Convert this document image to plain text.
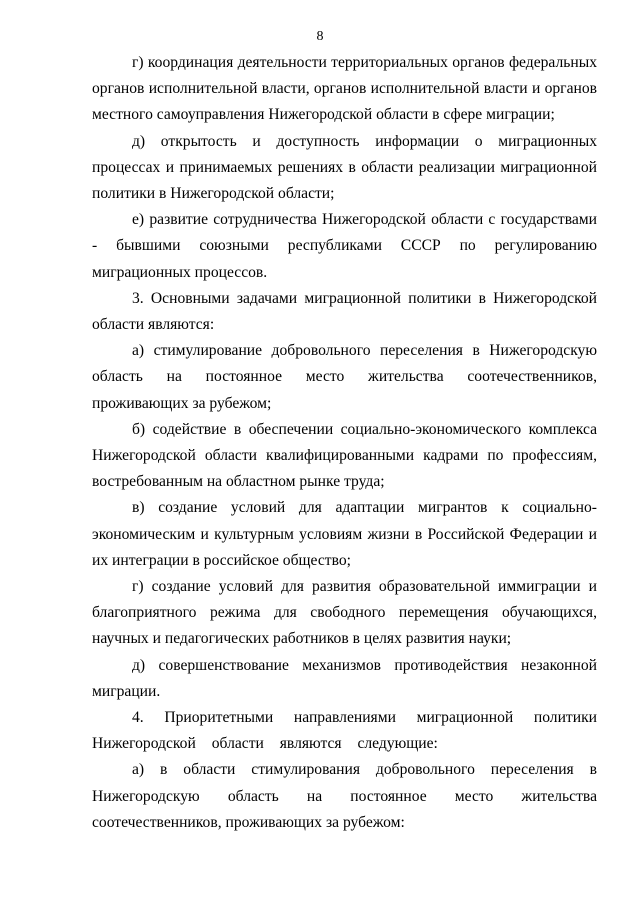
8

г) координация деятельности территориальных органов федеральных органов исполнительной власти, органов исполнительной власти и органов местного самоуправления Нижегородской области в сфере миграции;

д) открытость и доступность информации о миграционных процессах и принимаемых решениях в области реализации миграционной политики в Нижегородской области;

е) развитие сотрудничества Нижегородской области с государствами - бывшими союзными республиками СССР по регулированию миграционных процессов.

3. Основными задачами миграционной политики в Нижегородской области являются:

а) стимулирование добровольного переселения в Нижегородскую область на постоянное место жительства соотечественников, проживающих за рубежом;

б) содействие в обеспечении социально-экономического комплекса Нижегородской области квалифицированными кадрами по профессиям, востребованным на областном рынке труда;

в) создание условий для адаптации мигрантов к социально-экономическим и культурным условиям жизни в Российской Федерации и их интеграции в российское общество;

г) создание условий для развития образовательной иммиграции и благоприятного режима для свободного перемещения обучающихся, научных и педагогических работников в целях развития науки;

д) совершенствование механизмов противодействия незаконной миграции.

4. Приоритетными направлениями миграционной политики Нижегородской области являются следующие:

а) в области стимулирования добровольного переселения в Нижегородскую область на постоянное место жительства соотечественников, проживающих за рубежом:
